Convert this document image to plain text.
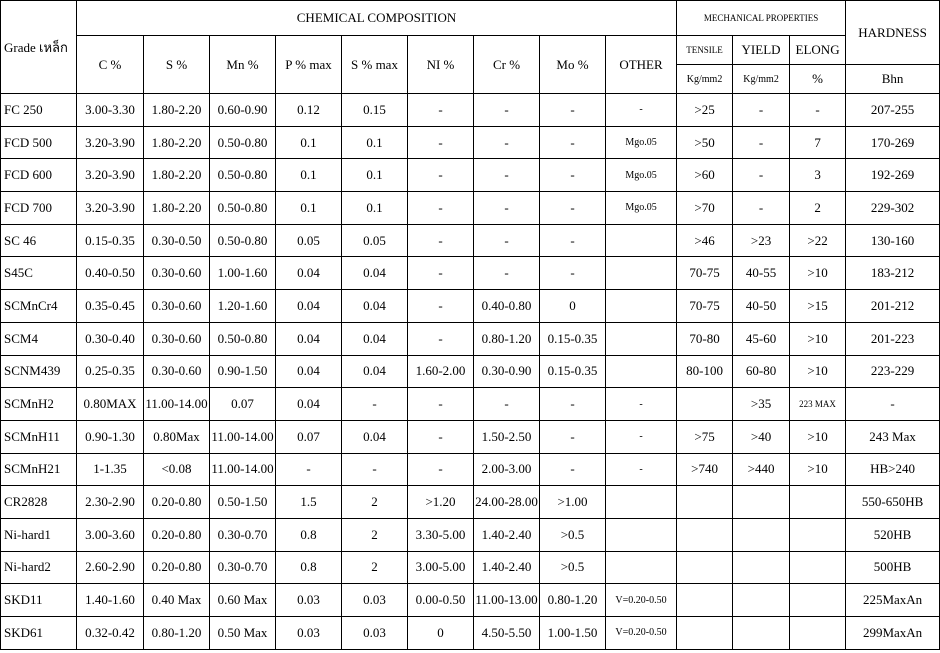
Grade เหล็ก	CHEMICAL COMPOSITION									MECHANICAL PROPERTIES			HARDNESS
	C %	S %	Mn %	P % max	S % max	NI %	Cr %	Mo %	OTHER	TENSILE	YIELD	ELONG	
										Kg/mm2	Kg/mm2	%	Bhn
FC 250	3.00-3.30	1.80-2.20	0.60-0.90	0.12	0.15	-	-	-	-	>25	-	-	207-255
FCD 500	3.20-3.90	1.80-2.20	0.50-0.80	0.1	0.1	-	-	-	Mgo.05	>50	-	7	170-269
FCD 600	3.20-3.90	1.80-2.20	0.50-0.80	0.1	0.1	-	-	-	Mgo.05	>60	-	3	192-269
FCD 700	3.20-3.90	1.80-2.20	0.50-0.80	0.1	0.1	-	-	-	Mgo.05	>70	-	2	229-302
SC 46	0.15-0.35	0.30-0.50	0.50-0.80	0.05	0.05	-	-	-		>46	>23	>22	130-160
S45C	0.40-0.50	0.30-0.60	1.00-1.60	0.04	0.04	-	-	-		70-75	40-55	>10	183-212
SCMnCr4	0.35-0.45	0.30-0.60	1.20-1.60	0.04	0.04	-	0.40-0.80	0		70-75	40-50	>15	201-212
SCM4	0.30-0.40	0.30-0.60	0.50-0.80	0.04	0.04	-	0.80-1.20	0.15-0.35		70-80	45-60	>10	201-223
SCNM439	0.25-0.35	0.30-0.60	0.90-1.50	0.04	0.04	1.60-2.00	0.30-0.90	0.15-0.35		80-100	60-80	>10	223-229
SCMnH2	0.80MAX	11.00-14.00	0.07	0.04	-	-	-	-	-		>35	223 MAX	-
SCMnH11	0.90-1.30	0.80Max	11.00-14.00	0.07	0.04	-	1.50-2.50	-	-	>75	>40	>10	243 Max
SCMnH21	1-1.35	<0.08	11.00-14.00	-	-	-	2.00-3.00	-	-	>740	>440	>10	HB>240
CR2828	2.30-2.90	0.20-0.80	0.50-1.50	1.5	2	>1.20	24.00-28.00	>1.00					550-650HB
Ni-hard1	3.00-3.60	0.20-0.80	0.30-0.70	0.8	2	3.30-5.00	1.40-2.40	>0.5					520HB
Ni-hard2	2.60-2.90	0.20-0.80	0.30-0.70	0.8	2	3.00-5.00	1.40-2.40	>0.5					500HB
SKD11	1.40-1.60	0.40 Max	0.60 Max	0.03	0.03	0.00-0.50	11.00-13.00	0.80-1.20	V=0.20-0.50				225MaxAn
SKD61	0.32-0.42	0.80-1.20	0.50 Max	0.03	0.03	0	4.50-5.50	1.00-1.50	V=0.20-0.50				299MaxAn
